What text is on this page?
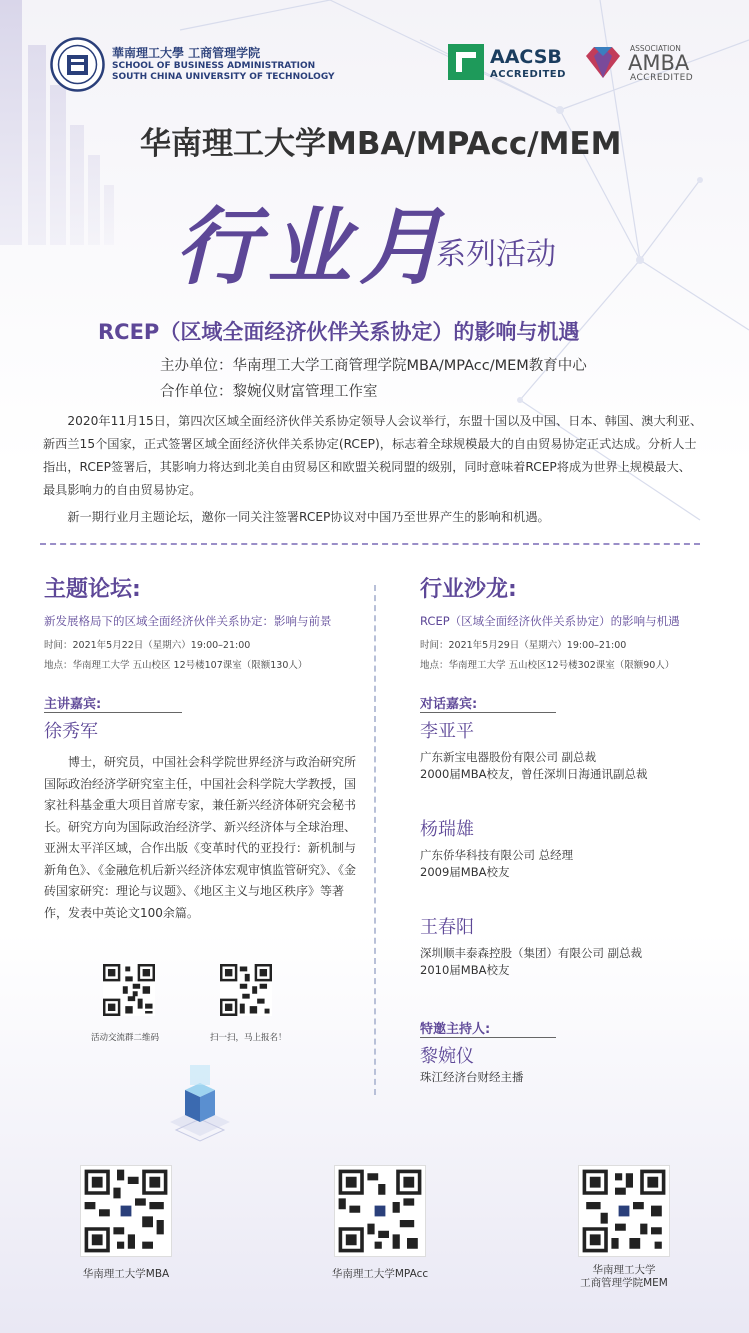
華南理工大學 工商管理学院
SCHOOL OF BUSINESS ADMINISTRATION
SOUTH CHINA UNIVERSITY OF TECHNOLOGY
AACSB
ACCREDITED
ASSOCIATION
AMBA
ACCREDITED
华南理工大学MBA/MPAcc/MEM
行业月
系列活动
RCEP（区域全面经济伙伴关系协定）的影响与机遇
主办单位：华南理工大学工商管理学院MBA/MPAcc/MEM教育中心
合作单位：黎婉仪财富管理工作室
2020年11月15日，第四次区域全面经济伙伴关系协定领导人会议举行，东盟十国以及中国、日本、韩国、澳大利亚、新西兰15个国家，正式签署区域全面经济伙伴关系协定(RCEP)，标志着全球规模最大的自由贸易协定正式达成。分析人士指出，RCEP签署后，其影响力将达到北美自由贸易区和欧盟关税同盟的级别，同时意味着RCEP将成为世界上规模最大、最具影响力的自由贸易协定。
新一期行业月主题论坛，邀你一同关注签署RCEP协议对中国乃至世界产生的影响和机遇。
主题论坛:
新发展格局下的区域全面经济伙伴关系协定：影响与前景
时间：2021年5月22日（星期六）19:00–21:00
地点：华南理工大学 五山校区 12号楼107课室（限额130人）
主讲嘉宾:
徐秀军
博士，研究员，中国社会科学院世界经济与政治研究所国际政治经济学研究室主任，中国社会科学院大学教授，国家社科基金重大项目首席专家，兼任新兴经济体研究会秘书长。研究方向为国际政治经济学、新兴经济体与全球治理、亚洲太平洋区域，合作出版《变革时代的亚投行：新机制与新角色》、《金融危机后新兴经济体宏观审慎监管研究》、《金砖国家研究：理论与议题》、《地区主义与地区秩序》等著作，发表中英论文100余篇。
活动交流群二维码	扫一扫，马上报名！
行业沙龙:
RCEP（区域全面经济伙伴关系协定）的影响与机遇
时间：2021年5月29日（星期六）19:00–21:00
地点：华南理工大学 五山校区12号楼302课室（限额90人）
对话嘉宾:
李亚平
广东新宝电器股份有限公司 副总裁
2000届MBA校友，曾任深圳日海通讯副总裁
杨瑞雄
广东侨华科技有限公司 总经理
2009届MBA校友
王春阳
深圳顺丰泰森控股（集团）有限公司 副总裁
2010届MBA校友
特邀主持人:
黎婉仪
珠江经济台财经主播
华南理工大学MBA	华南理工大学MPAcc	华南理工大学
工商管理学院MEM
